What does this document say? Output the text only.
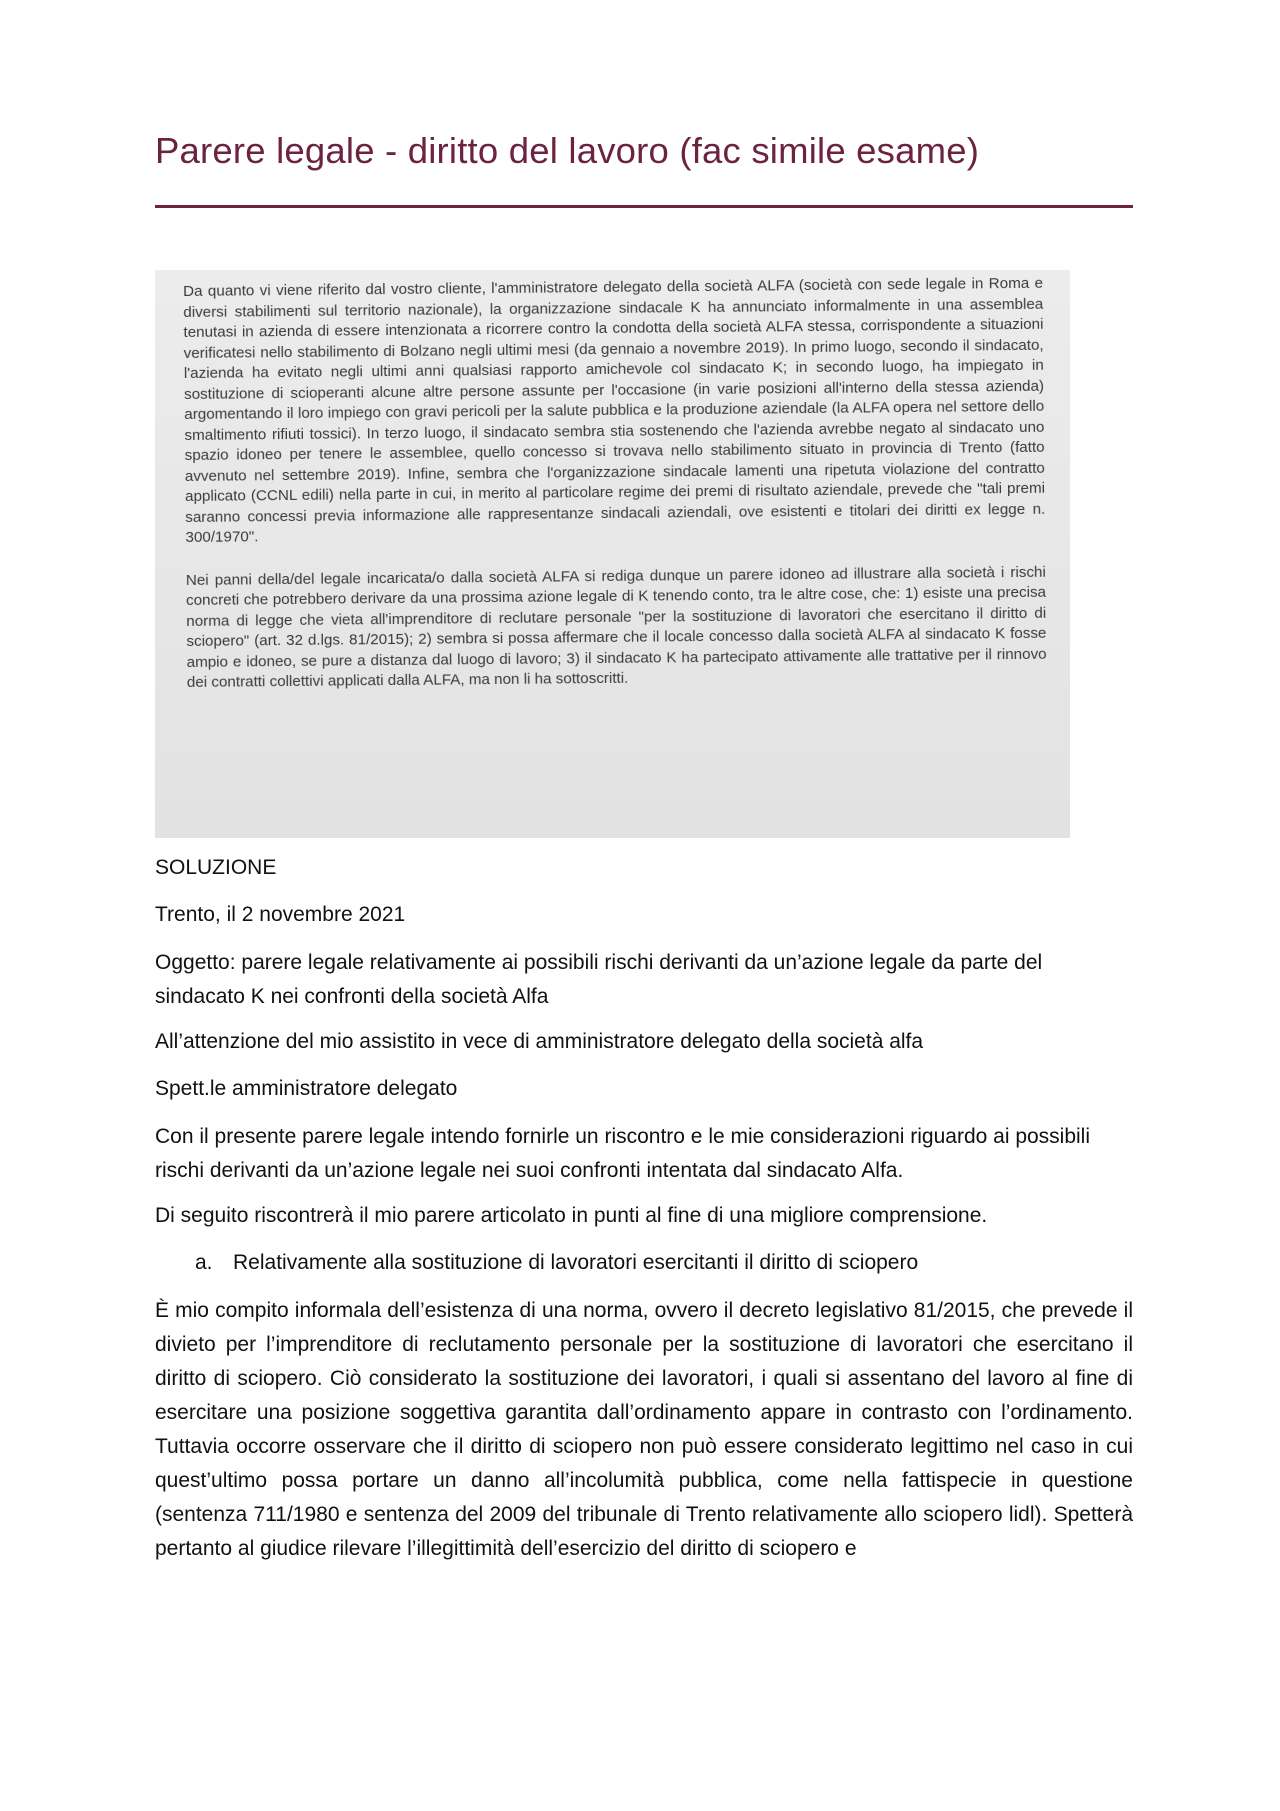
Parere legale - diritto del lavoro (fac simile esame)

Da quanto vi viene riferito dal vostro cliente, l'amministratore delegato della società ALFA (società con sede legale in Roma e diversi stabilimenti sul territorio nazionale), la organizzazione sindacale K ha annunciato informalmente in una assemblea tenutasi in azienda di essere intenzionata a ricorrere contro la condotta della società ALFA stessa, corrispondente a situazioni verificatesi nello stabilimento di Bolzano negli ultimi mesi (da gennaio a novembre 2019). In primo luogo, secondo il sindacato, l'azienda ha evitato negli ultimi anni qualsiasi rapporto amichevole col sindacato K; in secondo luogo, ha impiegato in sostituzione di scioperanti alcune altre persone assunte per l'occasione (in varie posizioni all'interno della stessa azienda) argomentando il loro impiego con gravi pericoli per la salute pubblica e la produzione aziendale (la ALFA opera nel settore dello smaltimento rifiuti tossici). In terzo luogo, il sindacato sembra stia sostenendo che l'azienda avrebbe negato al sindacato uno spazio idoneo per tenere le assemblee, quello concesso si trovava nello stabilimento situato in provincia di Trento (fatto avvenuto nel settembre 2019). Infine, sembra che l'organizzazione sindacale lamenti una ripetuta violazione del contratto applicato (CCNL edili) nella parte in cui, in merito al particolare regime dei premi di risultato aziendale, prevede che "tali premi saranno concessi previa informazione alle rappresentanze sindacali aziendali, ove esistenti e titolari dei diritti ex legge n. 300/1970".

Nei panni della/del legale incaricata/o dalla società ALFA si rediga dunque un parere idoneo ad illustrare alla società i rischi concreti che potrebbero derivare da una prossima azione legale di K tenendo conto, tra le altre cose, che: 1) esiste una precisa norma di legge che vieta all'imprenditore di reclutare personale "per la sostituzione di lavoratori che esercitano il diritto di sciopero" (art. 32 d.lgs. 81/2015); 2) sembra si possa affermare che il locale concesso dalla società ALFA al sindacato K fosse ampio e idoneo, se pure a distanza dal luogo di lavoro; 3) il sindacato K ha partecipato attivamente alle trattative per il rinnovo dei contratti collettivi applicati dalla ALFA, ma non li ha sottoscritti.

SOLUZIONE
Trento, il 2 novembre 2021
Oggetto: parere legale relativamente ai possibili rischi derivanti da un’azione legale da parte del sindacato K nei confronti della società Alfa
All’attenzione del mio assistito in vece di amministratore delegato della società alfa
Spett.le amministratore delegato
Con il presente parere legale intendo fornirle un riscontro e le mie considerazioni riguardo ai possibili rischi derivanti da un’azione legale nei suoi confronti intentata dal sindacato Alfa.
Di seguito riscontrerà il mio parere articolato in punti al fine di una migliore comprensione.
a. Relativamente alla sostituzione di lavoratori esercitanti il diritto di sciopero
È mio compito informala dell’esistenza di una norma, ovvero il decreto legislativo 81/2015, che prevede il divieto per l’imprenditore di reclutamento personale per la sostituzione di lavoratori che esercitano il diritto di sciopero. Ciò considerato la sostituzione dei lavoratori, i quali si assentano del lavoro al fine di esercitare una posizione soggettiva garantita dall’ordinamento appare in contrasto con l’ordinamento. Tuttavia occorre osservare che il diritto di sciopero non può essere considerato legittimo nel caso in cui quest’ultimo possa portare un danno all’incolumità pubblica, come nella fattispecie in questione (sentenza 711/1980 e sentenza del 2009 del tribunale di Trento relativamente allo sciopero lidl). Spetterà pertanto al giudice rilevare l’illegittimità dell’esercizio del diritto di sciopero e
